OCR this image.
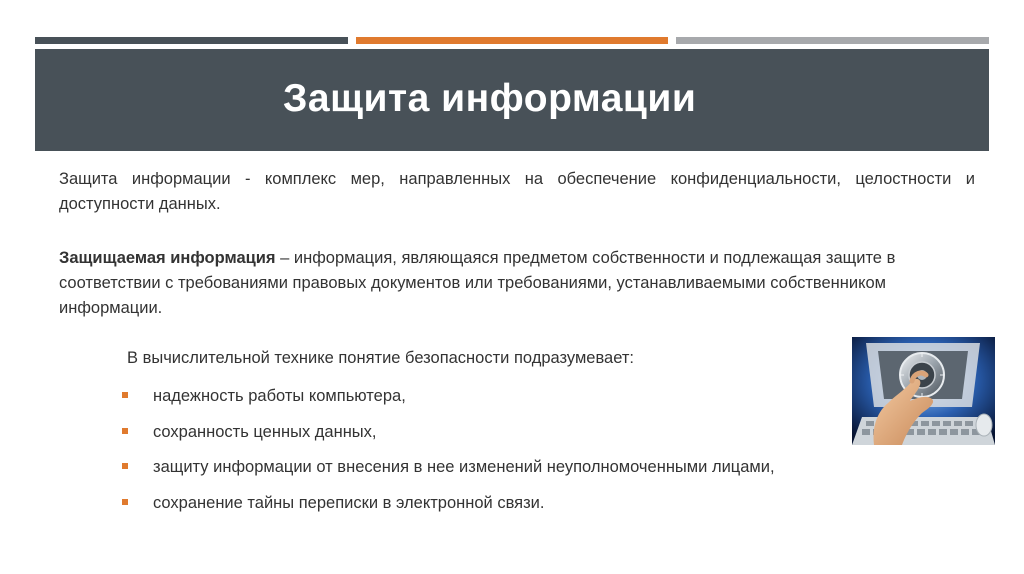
Защита информации

Защита информации - комплекс мер, направленных на обеспечение конфиденциальности, целостности и доступности данных.

Защищаемая информация – информация, являющаяся предметом собственности и подлежащая защите в соответствии с требованиями правовых документов или требованиями, устанавливаемыми собственником информации.

В вычислительной технике понятие безопасности подразумевает:

надежность работы компьютера,
сохранность ценных данных,
защиту информации от внесения в нее изменений неуполномоченными лицами,
сохранение тайны переписки в электронной связи.
